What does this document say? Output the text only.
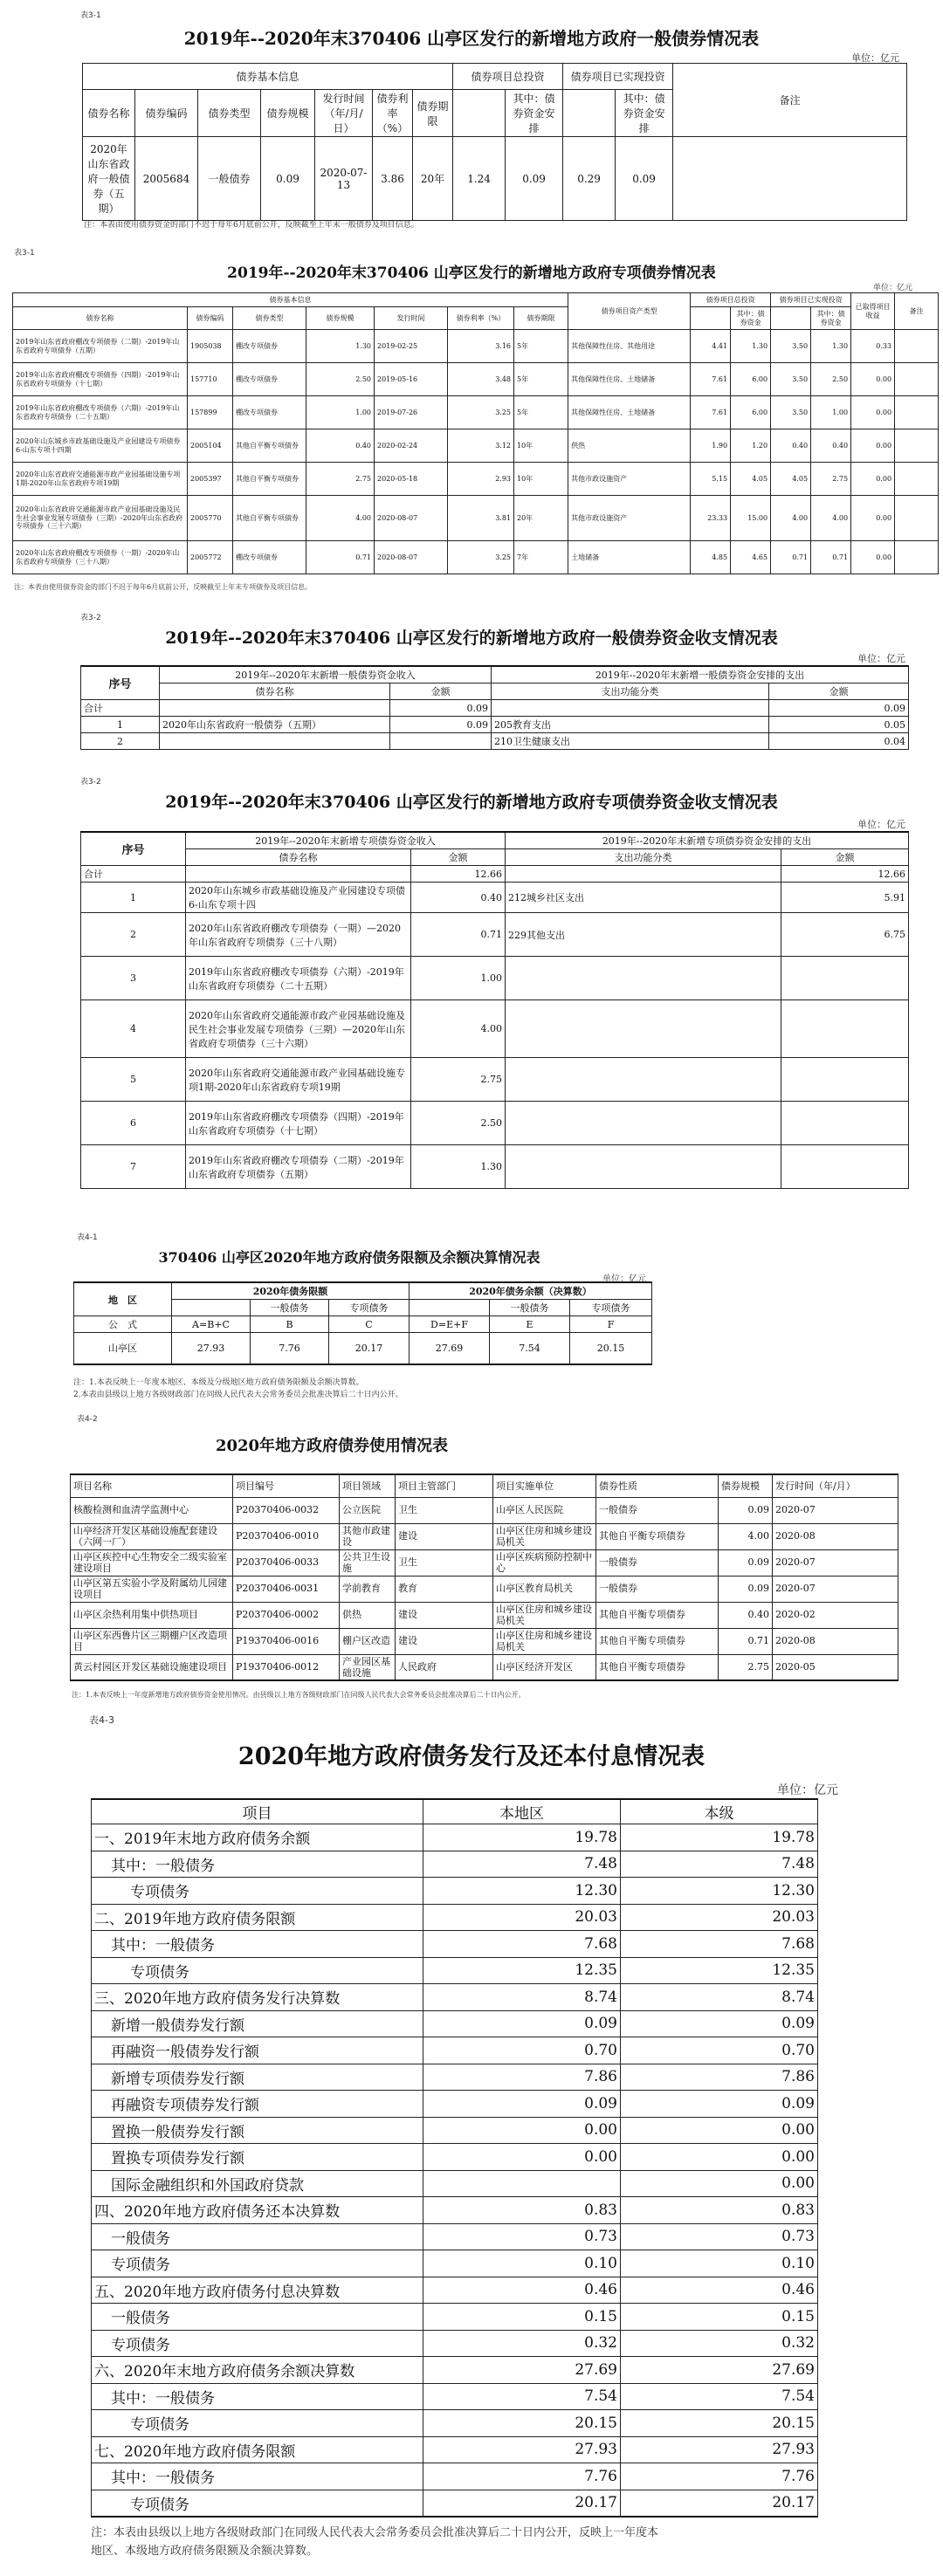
表3-1
2019年--2020年末370406 山亭区发行的新增地方政府一般债券情况表
单位：亿元
债券基本信息							债券项目总投资		债券项目已实现投资		备注
债券名称	债券编码	债券类型	债券规模	发行时间（年/月/日）	债券利率（%）	债券期限		其中：债券资金安排		其中：债券资金安排	
2020年山东省政府一般债券（五期）	2005684	一般债券	0.09	2020-07-13	3.86	20年	1.24	0.09	0.29	0.09	
注：本表由使用债券资金的部门不迟于每年6月底前公开，反映截至上年末一般债券及项目信息。
表3-1
2019年--2020年末370406 山亭区发行的新增地方政府专项债券情况表
单位：亿元
债券基本信息							债券项目资产类型	债券项目总投资		债券项目已实现投资		已取得项目收益	备注
债券名称	债券编码	债券类型	债券规模	发行时间	债券利率（%）	债券期限			其中：债券资金		其中：债券资金		
2019年山东省政府棚改专项债券（二期）-2019年山东省政府专项债券（五期）	1905038	棚改专项债券	1.30	2019-02-25	3.16	5年	其他保障性住房、其他用途	4.41	1.30	3.50	1.30	0.33	
2019年山东省政府棚改专项债券（四期）-2019年山东省政府专项债券（十七期）	157710	棚改专项债券	2.50	2019-05-16	3.48	5年	其他保障性住房、土地储备	7.61	6.00	3.50	2.50	0.00	
2019年山东省政府棚改专项债券（六期）-2019年山东省政府专项债券（二十五期）	157899	棚改专项债券	1.00	2019-07-26	3.25	5年	其他保障性住房、土地储备	7.61	6.00	3.50	1.00	0.00	
2020年山东城乡市政基础设施及产业园建设专项债券6-山东专项十四期	2005104	其他自平衡专项债券	0.40	2020-02-24	3.12	10年	供热	1.90	1.20	0.40	0.40	0.00	
2020年山东省政府交通能源市政产业园基础设施专项1期-2020年山东省政府专项19期	2005397	其他自平衡专项债券	2.75	2020-05-18	2.93	10年	其他市政设施资产	5.15	4.05	4.05	2.75	0.00	
2020年山东省政府交通能源市政产业园基础设施及民生社会事业发展专项债券（三期）-2020年山东省政府专项债券（三十六期）	2005770	其他自平衡专项债券	4.00	2020-08-07	3.81	20年	其他市政设施资产	23.33	15.00	4.00	4.00	0.00	
2020年山东省政府棚改专项债券（一期）-2020年山东省政府专项债券（三十八期）	2005772	棚改专项债券	0.71	2020-08-07	3.25	7年	土地储备	4.85	4.65	0.71	0.71	0.00	
注：本表由使用债券资金的部门不迟于每年6月底前公开，反映截至上年末专项债券及项目信息。
表3-2
2019年--2020年末370406 山亭区发行的新增地方政府一般债券资金收支情况表
单位：亿元
序号	2019年--2020年末新增一般债券资金收入		2019年--2020年末新增一般债券资金安排的支出	
	债券名称	金额	支出功能分类	金额
合计		0.09		0.09
1	2020年山东省政府一般债券（五期）	0.09	205教育支出	0.05
2			210卫生健康支出	0.04
表3-2
2019年--2020年末370406 山亭区发行的新增地方政府专项债券资金收支情况表
单位：亿元
序号	2019年--2020年末新增专项债券资金收入		2019年--2020年末新增专项债券资金安排的支出	
	债券名称	金额	支出功能分类	金额
合计		12.66		12.66
1	2020年山东城乡市政基础设施及产业园建设专项债6-山东专项十四	0.40	212城乡社区支出	5.91
2	2020年山东省政府棚改专项债券（一期）—2020年山东省政府专项债券（三十八期）	0.71	229其他支出	6.75
3	2019年山东省政府棚改专项债券（六期）-2019年山东省政府专项债券（二十五期）	1.00		
4	2020年山东省政府交通能源市政产业园基础设施及民生社会事业发展专项债券（三期）—2020年山东省政府专项债券（三十六期）	4.00		
5	2020年山东省政府交通能源市政产业园基础设施专项1期-2020年山东省政府专项19期	2.75		
6	2019年山东省政府棚改专项债券（四期）-2019年山东省政府专项债券（十七期）	2.50		
7	2019年山东省政府棚改专项债券（二期）-2019年山东省政府专项债券（五期）	1.30		
表4-1
370406 山亭区2020年地方政府债务限额及余额决算情况表
单位：亿元
地　区	2020年债务限额			2020年债务余额（决算数）		
		一般债务	专项债务		一般债务	专项债务
公　式	A=B+C	B	C	D=E+F	E	F
山亭区	27.93	7.76	20.17	27.69	7.54	20.15
注：1.本表反映上一年度本地区、本级及分级地区地方政府债务限额及余额决算数。
2.本表由县级以上地方各级财政部门在同级人民代表大会常务委员会批准决算后二十日内公开。
表4-2
2020年地方政府债券使用情况表
项目名称	项目编号	项目领域	项目主管部门	项目实施单位	债券性质	债券规模	发行时间（年/月）
核酸检测和血清学监测中心	P20370406-0032	公立医院	卫生	山亭区人民医院	一般债券	0.09	2020-07
山亭经济开发区基础设施配套建设（六网一厂）	P20370406-0010	其他市政建设	建设	山亭区住房和城乡建设局机关	其他自平衡专项债券	4.00	2020-08
山亭区疾控中心生物安全二级实验室建设项目	P20370406-0033	公共卫生设施	卫生	山亭区疾病预防控制中心	一般债券	0.09	2020-07
山亭区第五实验小学及附属幼儿园建设项目	P20370406-0031	学前教育	教育	山亭区教育局机关	一般债券	0.09	2020-07
山亭区余热利用集中供热项目	P20370406-0002	供热	建设	山亭区住房和城乡建设局机关	其他自平衡专项债券	0.40	2020-02
山亭区东西鲁片区三期棚户区改造项目	P19370406-0016	棚户区改造	建设	山亭区住房和城乡建设局机关	其他自平衡专项债券	0.71	2020-08
黄云村园区开发区基础设施建设项目	P19370406-0012	产业园区基础设施	人民政府	山亭区经济开发区	其他自平衡专项债券	2.75	2020-05
注：1.本表反映上一年度新增地方政府债券资金使用情况。由县级以上地方各级财政部门在同级人民代表大会常务委员会批准决算后二十日内公开。
表4-3
2020年地方政府债务发行及还本付息情况表
单位：亿元
项目	本地区	本级
一、2019年末地方政府债务余额	19.78	19.78
其中：一般债务	7.48	7.48
专项债务	12.30	12.30
二、2019年地方政府债务限额	20.03	20.03
其中：一般债务	7.68	7.68
专项债务	12.35	12.35
三、2020年地方政府债务发行决算数	8.74	8.74
新增一般债券发行额	0.09	0.09
再融资一般债券发行额	0.70	0.70
新增专项债券发行额	7.86	7.86
再融资专项债券发行额	0.09	0.09
置换一般债券发行额	0.00	0.00
置换专项债券发行额	0.00	0.00
国际金融组织和外国政府贷款		0.00
四、2020年地方政府债务还本决算数	0.83	0.83
一般债务	0.73	0.73
专项债务	0.10	0.10
五、2020年地方政府债务付息决算数	0.46	0.46
一般债务	0.15	0.15
专项债务	0.32	0.32
六、2020年末地方政府债务余额决算数	27.69	27.69
其中：一般债务	7.54	7.54
专项债务	20.15	20.15
七、2020年地方政府债务限额	27.93	27.93
其中：一般债务	7.76	7.76
专项债务	20.17	20.17
注：本表由县级以上地方各级财政部门在同级人民代表大会常务委员会批准决算后二十日内公开，反映上一年度本
地区、本级地方政府债务限额及余额决算数。
